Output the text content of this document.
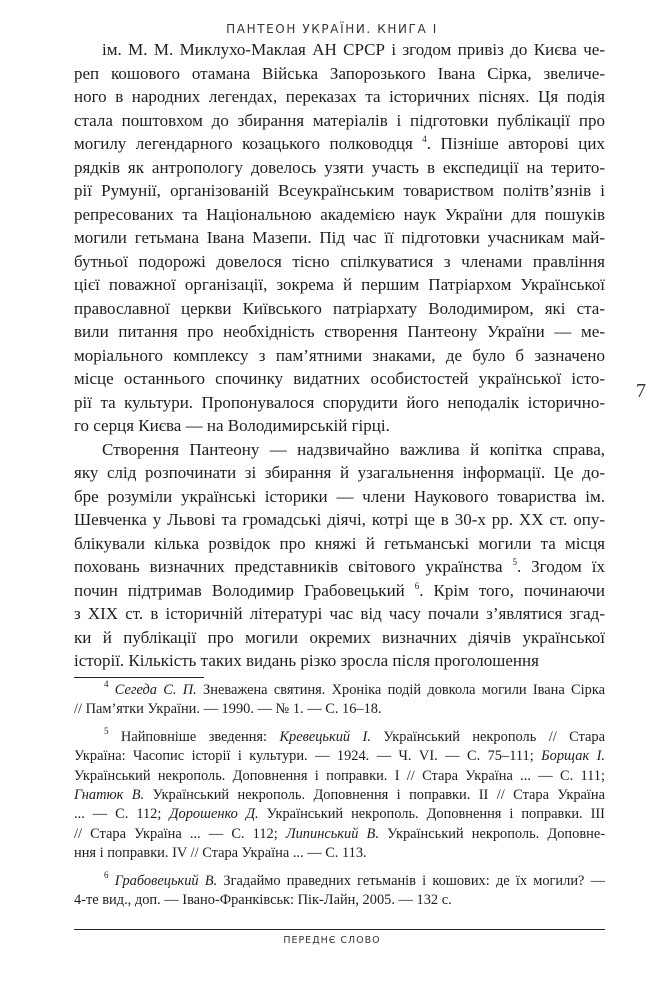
ПАНТЕОН УКРАЇНИ. КНИГА І
ім. М. М. Миклухо-Маклая АН СРСР і згодом привіз до Києва че-
реп кошового отамана Війська Запорозького Івана Сірка, звеличе-
ного в народних легендах, переказах та історичних піснях. Ця подія
стала поштовхом до збирання матеріалів і підготовки публікації про
могилу легендарного козацького полководця $^4$. Пізніше авторові цих
рядків як антропологу довелось узяти участь в експедиції на терито-
рії Румунії, організованій Всеукраїнським товариством політв’язнів і
репресованих та Національною академією наук України для пошуків
могили гетьмана Івана Мазепи. Під час її підготовки учасникам май-
бутньої подорожі довелося тісно спілкуватися з членами правління
цієї поважної організації, зокрема й першим Патріархом Української
православної церкви Київського патріархату Володимиром, які ста-
вили питання про необхідність створення Пантеону України — ме-
моріального комплексу з пам’ятними знаками, де було б зазначено
місце останнього спочинку видатних особистостей української істо-
рії та культури. Пропонувалося спорудити його неподалік історично-
го серця Києва — на Володимирській гірці.
Створення Пантеону — надзвичайно важлива й копітка справа,
яку слід розпочинати зі збирання й узагальнення інформації. Це до-
бре розуміли українські історики — члени Наукового товариства ім.
Шевченка у Львові та громадські діячі, котрі ще в 30-х рр. ХХ ст. опу-
блікували кілька розвідок про княжі й гетьманські могили та місця
поховань визначних представників світового українства $^5$. Згодом їх
почин підтримав Володимир Грабовецький $^6$. Крім того, починаючи
з ХІХ ст. в історичній літературі час від часу почали з’являтися згад-
ки й публікації про могили окремих визначних діячів української
історії. Кількість таких видань різко зросла після проголошення
7
$^4$ Сегеда С. П. Зневажена святиня. Хроніка подій довкола могили Івана Сірка
// Пам’ятки України. — 1990. — № 1. — С. 16–18.
$^5$ Найповніше зведення: Кревецький І. Український некрополь // Стара
Україна: Часопис історії і культури. — 1924. — Ч. VI. — С. 75–111; Борщак І.
Український некрополь. Доповнення і поправки. І // Стара Україна ... — С. 111;
Гнатюк В. Український некрополь. Доповнення і поправки. ІІ // Стара Україна
... — С. 112; Дорошенко Д. Український некрополь. Доповнення і поправки. ІІІ
// Стара Україна ... — С. 112; Липинський В. Український некрополь. Доповне-
ння і поправки. IV // Стара Україна ... — С. 113.
$^6$ Грабовецький В. Згадаймо праведних гетьманів і кошових: де їх могили? —
4-те вид., доп. — Івано-Франківськ: Пік-Лайн, 2005. — 132 с.
ПЕРЕДНЄ СЛОВО
